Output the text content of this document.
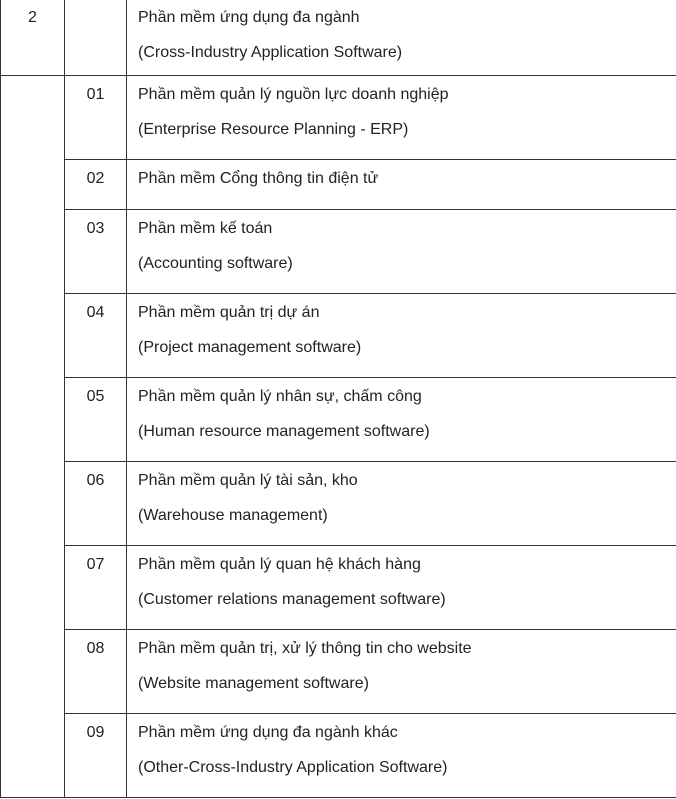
2		Phần mềm ứng dụng đa ngành
(Cross-Industry Application Software)

	01	Phần mềm quản lý nguồn lực doanh nghiệp
(Enterprise Resource Planning - ERP)

	02	Phần mềm Cổng thông tin điện tử

	03	Phần mềm kế toán
(Accounting software)

	04	Phần mềm quản trị dự án
(Project management software)

	05	Phần mềm quản lý nhân sự, chấm công
(Human resource management software)

	06	Phần mềm quản lý tài sản, kho
(Warehouse management)

	07	Phần mềm quản lý quan hệ khách hàng
(Customer relations management software)

	08	Phần mềm quản trị, xử lý thông tin cho website
(Website management software)

	09	Phần mềm ứng dụng đa ngành khác
(Other-Cross-Industry Application Software)
